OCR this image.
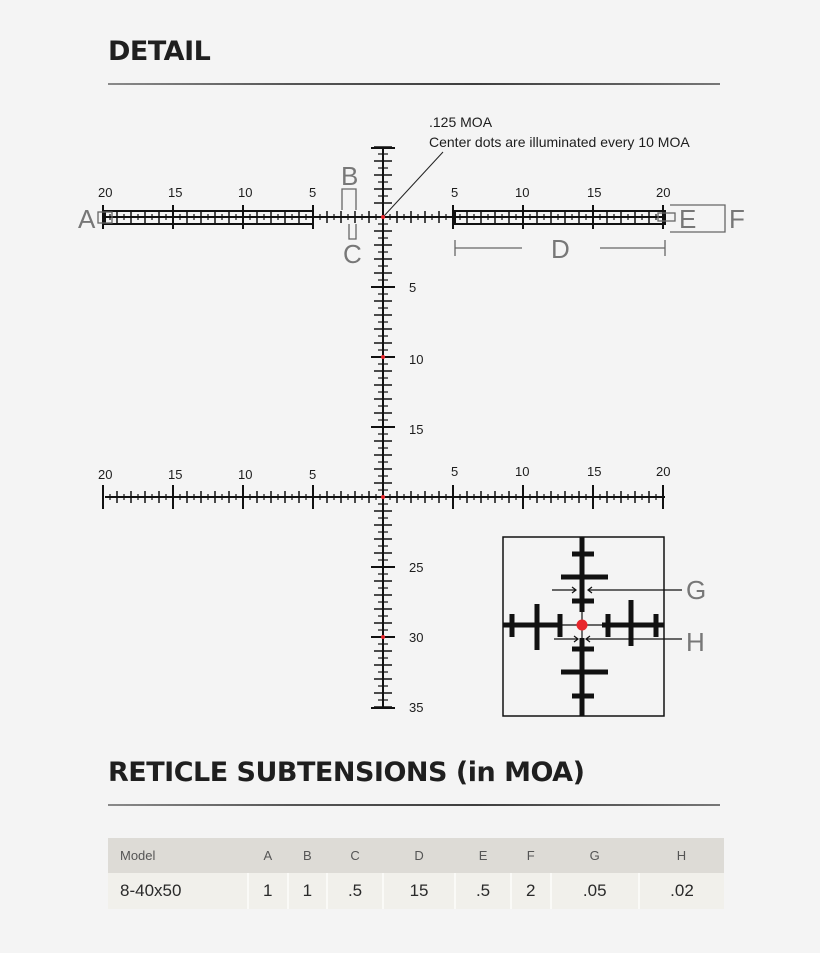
DETAIL
A
B
C	D
E F
.125 MOA
Center dots are illuminated every 10 MOA
20	15	10	5	5	10	15	20
20	15	10	5	5	10	15	20
5
10
15
25
30
35
G
H
RETICLE SUBTENSIONS (in MOA)
Model	A	B	C	D	E	F	G	H
8-40x50	1	1	.5	15	.5	2	.05	.02
